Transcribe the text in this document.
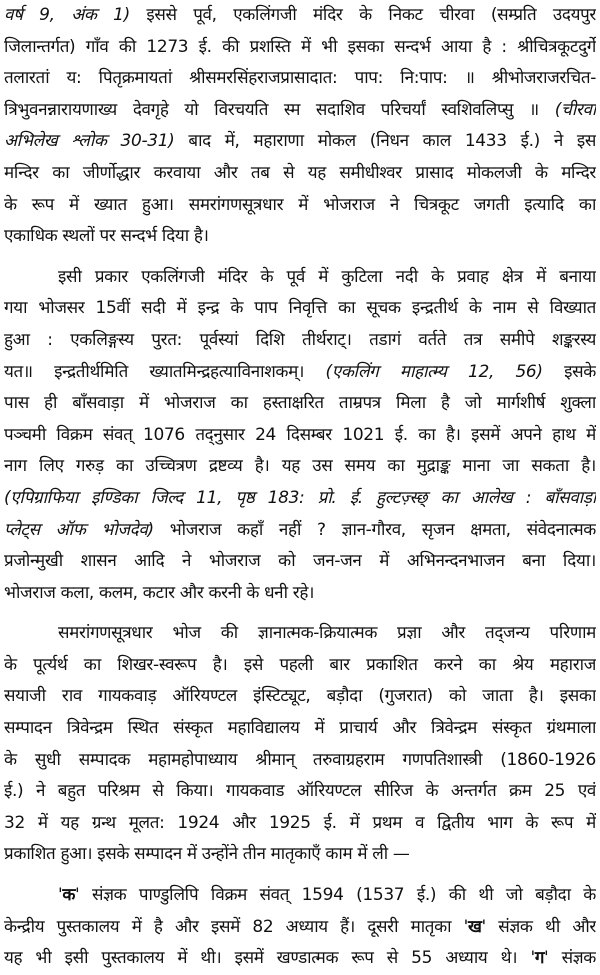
वर्ष 9, अंक 1) इससे पूर्व, एकलिंगजी मंदिर के निकट चीरवा (सम्प्रति उदयपुर
जिलान्तर्गत) गाँव की 1273 ई. की प्रशस्ति में भी इसका सन्दर्भ आया है : श्रीचित्रकूटदुर्गे
तलारतां य: पितृक्रमायतां श्रीसमरसिंहराजप्रासादात: पाप: नि:पाप: ॥ श्रीभोजराजरचित-
त्रिभुवनन्नारायणाख्य देवगृहे यो विरचयति स्म सदाशिव परिचर्यां स्वशिवलिप्सु ॥ (चीरवा
अभिलेख श्लोक 30-31) बाद में, महाराणा मोकल (निधन काल 1433 ई.) ने इस
मन्दिर का जीर्णोद्धार करवाया और तब से यह समीधीश्वर प्रासाद मोकलजी के मन्दिर
के रूप में ख्यात हुआ। समरांगणसूत्रधार में भोजराज ने चित्रकूट जगती इत्यादि का
एकाधिक स्थलों पर सन्दर्भ दिया है।
इसी प्रकार एकलिंगजी मंदिर के पूर्व में कुटिला नदी के प्रवाह क्षेत्र में बनाया
गया भोजसर 15वीं सदी में इन्द्र के पाप निवृत्ति का सूचक इन्द्रतीर्थ के नाम से विख्यात
हुआ : एकलिङ्गस्य पुरत: पूर्वस्यां दिशि तीर्थराट्। तडागं वर्तते तत्र समीपे शङ्करस्य
यत॥ इन्द्रतीर्थमिति ख्यातमिन्द्रहत्याविनाशकम्। (एकलिंग माहात्म्य 12, 56) इसके
पास ही बाँसवाड़ा में भोजराज का हस्ताक्षरित ताम्रपत्र मिला है जो मार्गशीर्ष शुक्ला
पञ्चमी विक्रम संवत् 1076 तद्नुसार 24 दिसम्बर 1021 ई. का है। इसमें अपने हाथ में
नाग लिए गरुड़ का उच्चित्रण द्रष्टव्य है। यह उस समय का मुद्राङ्क माना जा सकता है।
(एपिग्राफिया इण्डिका जिल्द 11, पृष्ठ 183: प्रो. ई. हुल्टज़्स्छ् का आलेख : बाँसवाड़ा
प्लेट्स ऑफ भोजदेव) भोजराज कहाँ नहीं ? ज्ञान-गौरव, सृजन क्षमता, संवेदनात्मक
प्रजोन्मुखी शासन आदि ने भोजराज को जन-जन में अभिनन्दनभाजन बना दिया।
भोजराज कला, कलम, कटार और करनी के धनी रहे।
समरांगणसूत्रधार भोज की ज्ञानात्मक-क्रियात्मक प्रज्ञा और तद्जन्य परिणाम
के पूर्त्यर्थ का शिखर-स्वरूप है। इसे पहली बार प्रकाशित करने का श्रेय महाराज
सयाजी राव गायकवाड़ ऑरियण्टल इंस्टिट्यूट, बड़ौदा (गुजरात) को जाता है। इसका
सम्पादन त्रिवेन्द्रम स्थित संस्कृत महाविद्यालय में प्राचार्य और त्रिवेन्द्रम संस्कृत ग्रंथमाला
के सुधी सम्पादक महामहोपाध्याय श्रीमान् तरुवाग्रहराम गणपतिशास्त्री (1860-1926
ई.) ने बहुत परिश्रम से किया। गायकवाड ऑरियण्टल सीरिज के अन्तर्गत क्रम 25 एवं
32 में यह ग्रन्थ मूलत: 1924 और 1925 ई. में प्रथम व द्वितीय भाग के रूप में
प्रकाशित हुआ। इसके सम्पादन में उन्होंने तीन मातृकाएँ काम में ली —
'क' संज्ञक पाण्डुलिपि विक्रम संवत् 1594 (1537 ई.) की थी जो बड़ौदा के
केन्द्रीय पुस्तकालय में है और इसमें 82 अध्याय हैं। दूसरी मातृका 'ख' संज्ञक थी और
यह भी इसी पुस्तकालय में थी। इसमें खण्डात्मक रूप से 55 अध्याय थे। 'ग' संज्ञक
